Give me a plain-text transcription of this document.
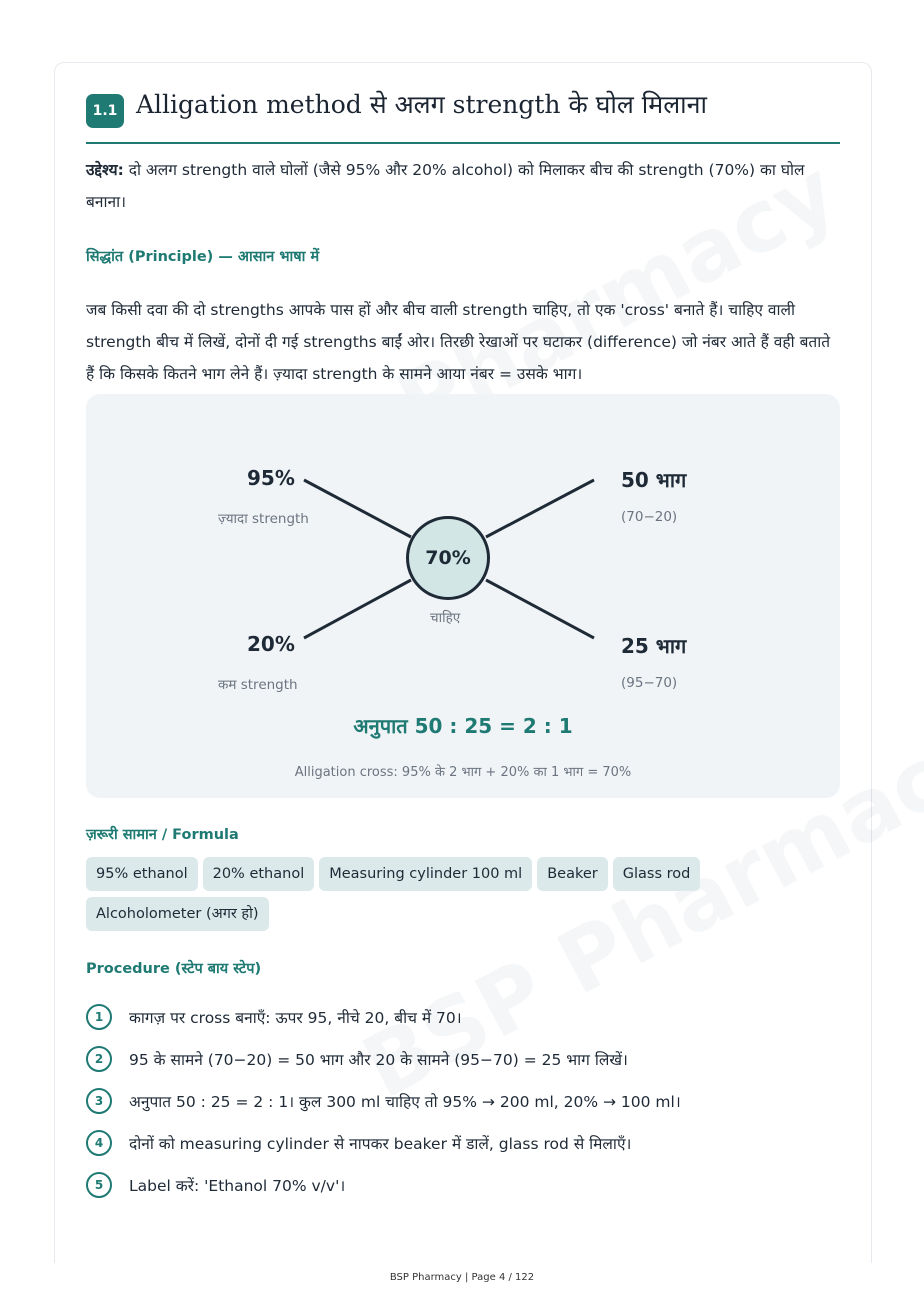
1.1 Alligation method से अलग strength के घोल मिलाना
उद्देश्य: दो अलग strength वाले घोलों (जैसे 95% और 20% alcohol) को मिलाकर बीच की strength (70%) का घोल बनाना।
सिद्धांत (Principle) — आसान भाषा में
जब किसी दवा की दो strengths आपके पास हों और बीच वाली strength चाहिए, तो एक 'cross' बनाते हैं। चाहिए वाली strength बीच में लिखें, दोनों दी गई strengths बाईं ओर। तिरछी रेखाओं पर घटाकर (difference) जो नंबर आते हैं वही बताते हैं कि किसके कितने भाग लेने हैं। ज़्यादा strength के सामने आया नंबर = उसके भाग।
95%
ज़्यादा strength
20%
कम strength
70%
चाहिए
50 भाग
(70−20)
25 भाग
(95−70)
अनुपात 50 : 25 = 2 : 1
Alligation cross: 95% के 2 भाग + 20% का 1 भाग = 70%
ज़रूरी सामान / Formula
95% ethanol 20% ethanol Measuring cylinder 100 ml Beaker Glass rodAlcoholometer (अगर हो)
Procedure (स्टेप बाय स्टेप)
1	कागज़ पर cross बनाएँ: ऊपर 95, नीचे 20, बीच में 70।
2	95 के सामने (70−20) = 50 भाग और 20 के सामने (95−70) = 25 भाग लिखें।
3	अनुपात 50 : 25 = 2 : 1। कुल 300 ml चाहिए तो 95% → 200 ml, 20% → 100 ml।
4	दोनों को measuring cylinder से नापकर beaker में डालें, glass rod से मिलाएँ।
5	Label करें: 'Ethanol 70% v/v'।
BSP Pharmacy | Page 4 / 122
